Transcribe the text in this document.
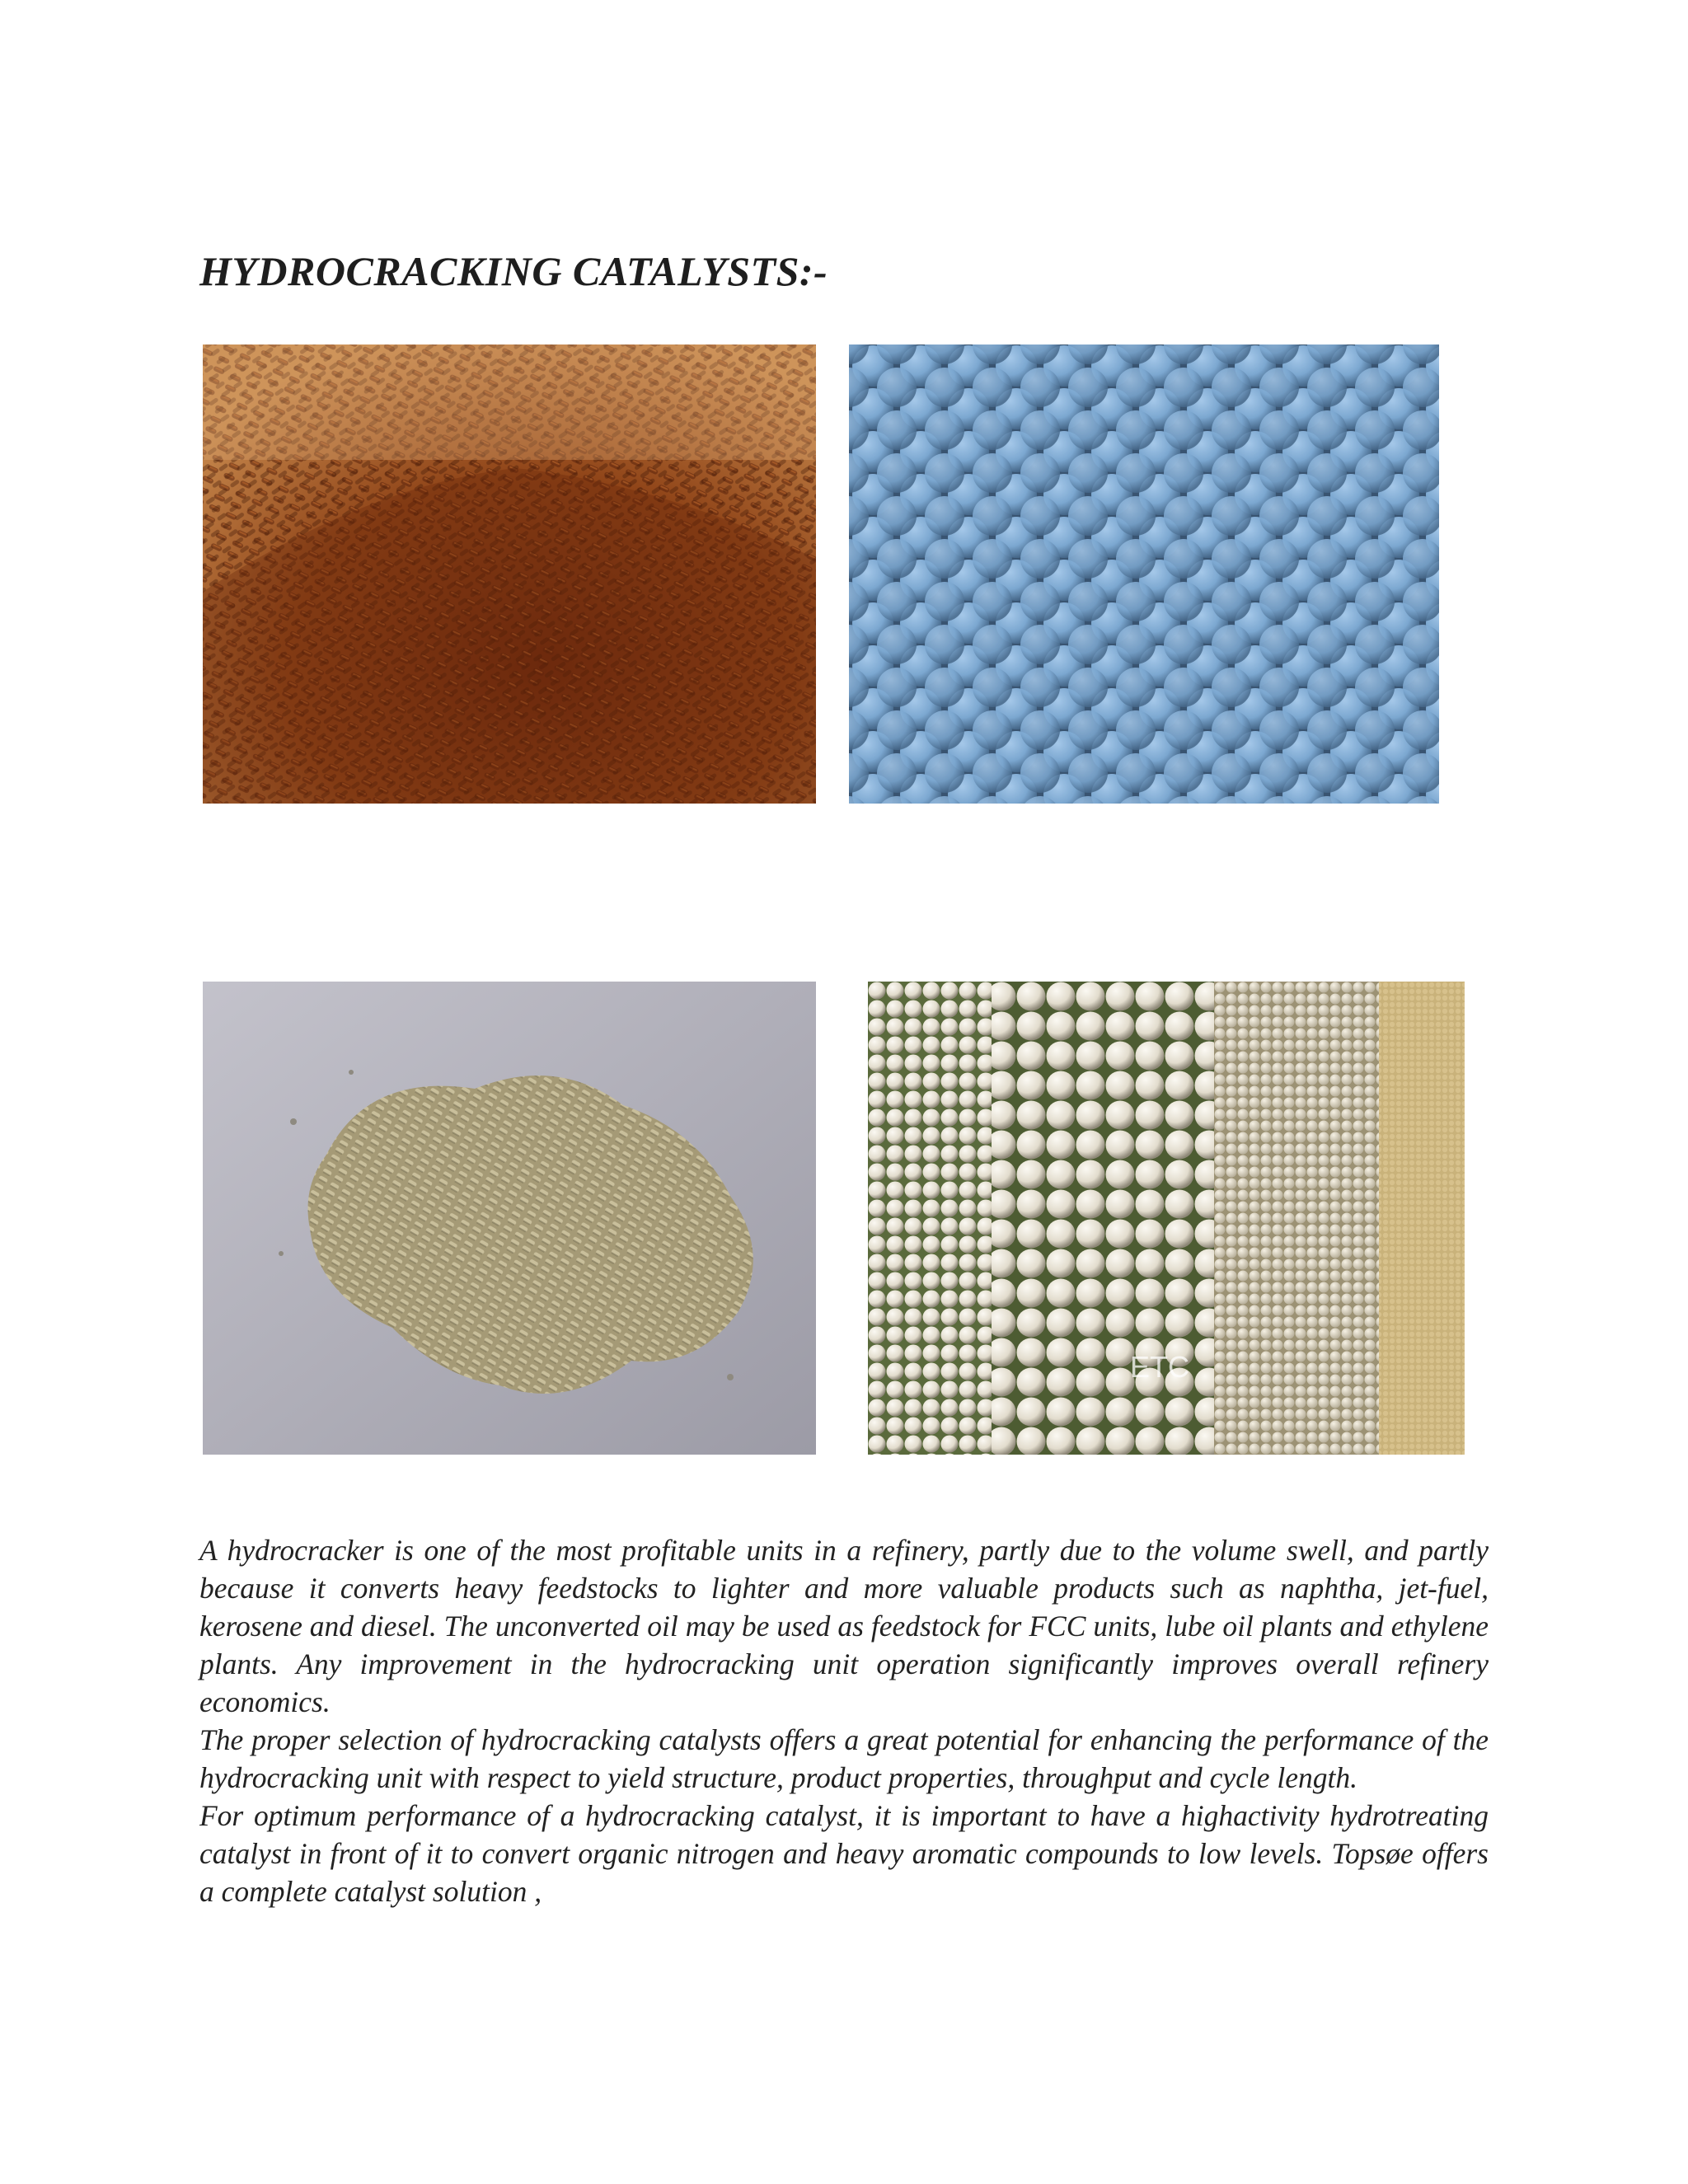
HYDROCRACKING CATALYSTS:-
ETC

A hydrocracker is one of the most profitable units in a refinery, partly due to the volume swell, and partly because it converts heavy feedstocks to lighter and more valuable products such as naphtha, jet-fuel, kerosene and diesel. The unconverted oil may be used as feedstock for FCC units, lube oil plants and ethylene plants. Any improvement in the hydrocracking unit operation significantly improves overall refinery economics.

The proper selection of hydrocracking catalysts offers a great potential for enhancing the performance of the hydrocracking unit with respect to yield structure, product properties, throughput and cycle length.

For optimum performance of a hydrocracking catalyst, it is important to have a highactivity hydrotreating catalyst in front of it to convert organic nitrogen and heavy aromatic compounds to low levels. Topsøe offers a complete catalyst solution ,
